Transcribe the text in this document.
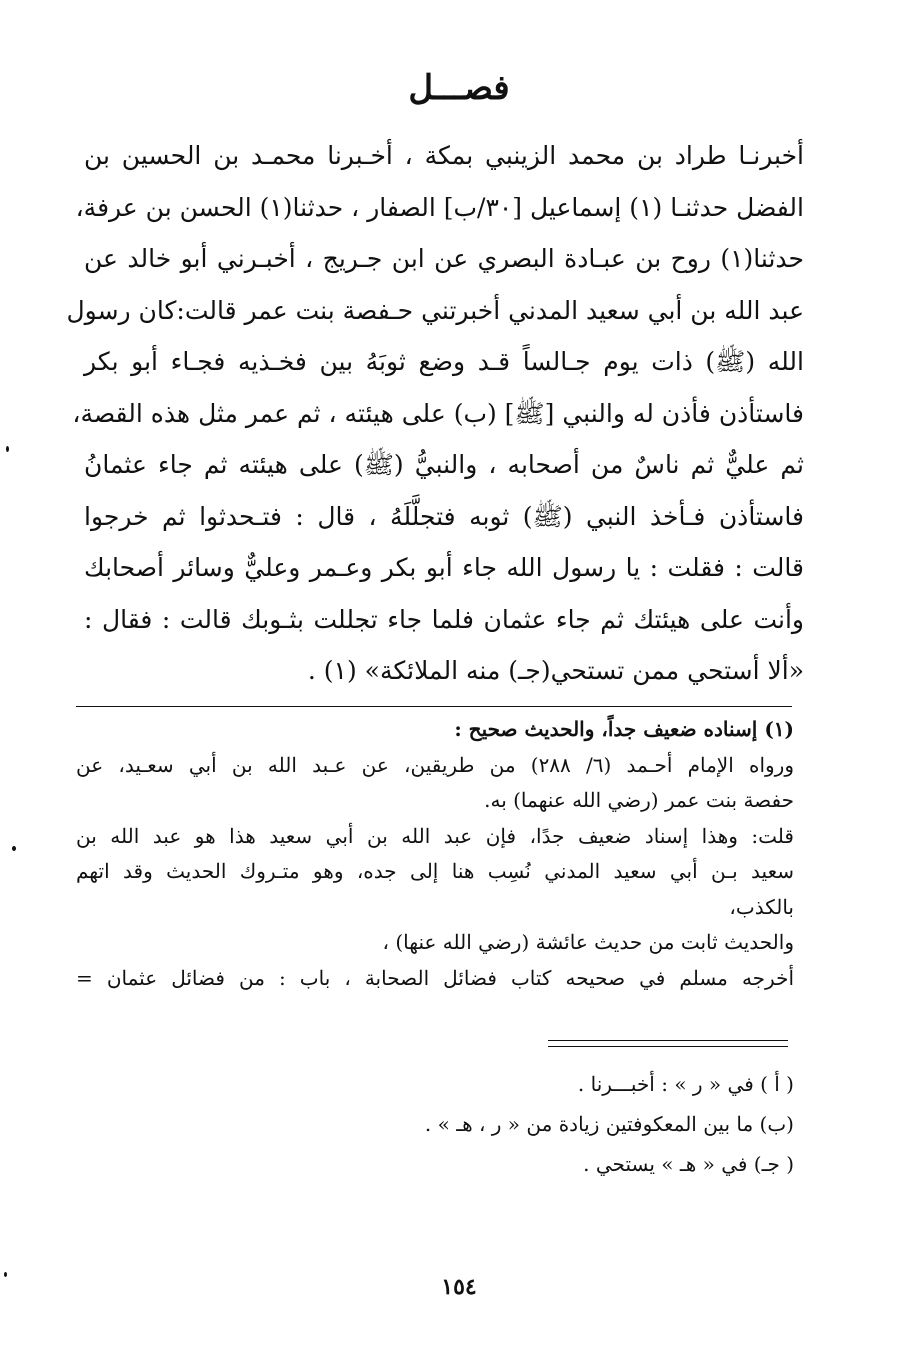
فصـــل
أخبرنـا طراد بن محمد الزينبي بمكة ، أخـبرنا محمـد بن الحسين بن
الفضل حدثنـا (١) إسماعيل [٣٠/ب] الصفار ، حدثنا(١) الحسن بن عرفة،
حدثنا(١) روح بن عبـادة البصري عن ابن جـريج ، أخبـرني أبو خالد عن
عبد الله بن أبي سعيد المدني أخبرتني حـفصة بنت عمر قالت:كان رسول
الله (ﷺ) ذات يوم جـالساً قـد وضع ثوبَهُ بين فخـذيه فجـاء أبو بكر
فاستأذن فأذن له والنبي [ﷺ] (ب) على هيئته ، ثم عمر مثل هذه القصة،
ثم عليٌّ ثم ناسٌ من أصحابه ، والنبيُّ (ﷺ) على هيئته ثم جاء عثمانُ
فاستأذن فـأخذ النبي (ﷺ) ثوبه فتجلَّلَهُ ، قال : فتـحدثوا ثم خرجوا
قالت : فقلت : يا رسول الله جاء أبو بكر وعـمر وعليٌّ وسائر أصحابك
وأنت على هيئتك ثم جاء عثمان فلما جاء تجللت بثـوبك قالت : فقال :
«ألا أستحي ممن تستحي(جـ) منه الملائكة» (١) .
(١) إسناده ضعيف جداً، والحديث صحيح :
ورواه الإمام أحـمد (٦/ ٢٨٨) من طريقين، عن عـبد الله بن أبي سعـيد، عن
حفصة بنت عمر (رضي الله عنهما) به.
قلت: وهذا إسناد ضعيف جدًا، فإن عبد الله بن أبي سعيد هذا هو عبد الله بن
سعيد بـن أبي سعيد المدني نُسِب هنا إلى جده، وهو متـروك الحديث وقد اتهم
بالكذب،
والحديث ثابت من حديث عائشة (رضي الله عنها) ،
أخرجه مسلم في صحيحه كتاب فضائل الصحابة ، باب : من فضائل عثمان =
( أ ) في « ر » : أخبـــرنا .
(ب) ما بين المعكوفتين زيادة من « ر ، هـ » .
( جـ) في « هـ » يستحي .
١٥٤
